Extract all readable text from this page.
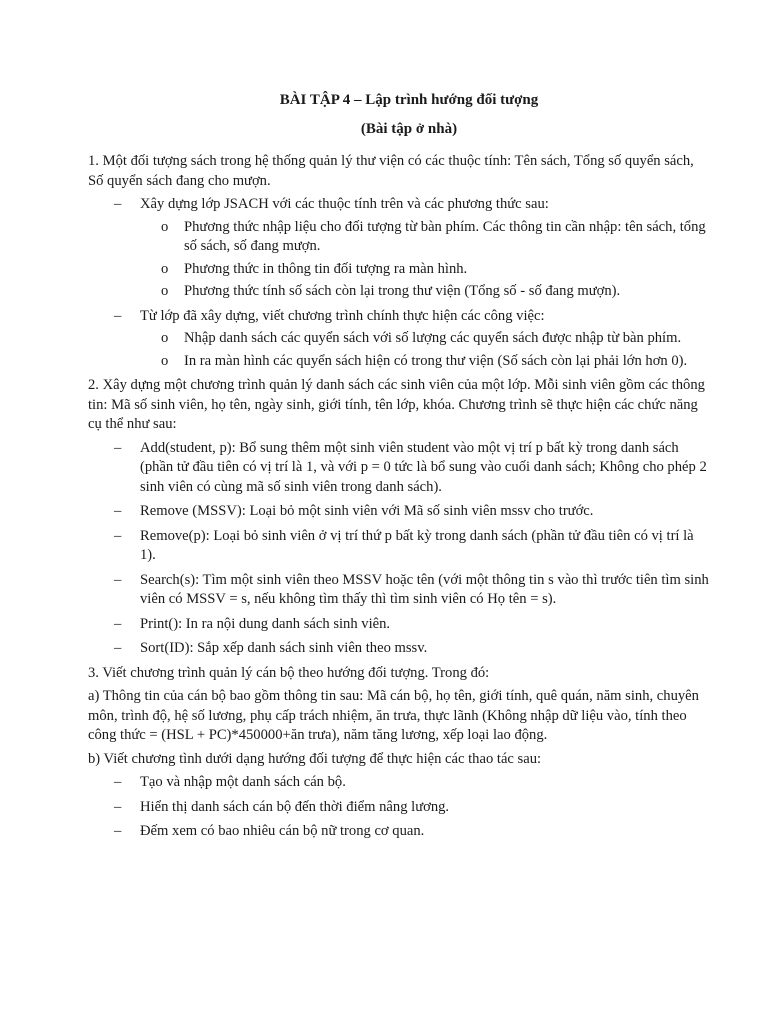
BÀI TẬP 4 – Lập trình hướng đối tượng

(Bài tập ở nhà)

1. Một đối tượng sách trong hệ thống quản lý thư viện có các thuộc tính: Tên sách, Tổng số quyển sách, Số quyển sách đang cho mượn.

– Xây dựng lớp JSACH với các thuộc tính trên và các phương thức sau:
o Phương thức nhập liệu cho đối tượng từ bàn phím. Các thông tin cần nhập: tên sách, tổng số sách, số đang mượn.
o Phương thức in thông tin đối tượng ra màn hình.
o Phương thức tính số sách còn lại trong thư viện (Tổng số - số đang mượn).
– Từ lớp đã xây dựng, viết chương trình chính thực hiện các công việc:
o Nhập danh sách các quyển sách với số lượng các quyển sách được nhập từ bàn phím.
o In ra màn hình các quyển sách hiện có trong thư viện (Số sách còn lại phải lớn hơn 0).

2. Xây dựng một chương trình quản lý danh sách các sinh viên của một lớp. Mỗi sinh viên gồm các thông tin: Mã số sinh viên, họ tên, ngày sinh, giới tính, tên lớp, khóa. Chương trình sẽ thực hiện các chức năng cụ thể như sau:

– Add(student, p): Bổ sung thêm một sinh viên student vào một vị trí p bất kỳ trong danh sách (phần tử đầu tiên có vị trí là 1, và với p = 0 tức là bổ sung vào cuối danh sách; Không cho phép 2 sinh viên có cùng mã số sinh viên trong danh sách).
– Remove (MSSV): Loại bỏ một sinh viên với Mã số sinh viên mssv cho trước.
– Remove(p): Loại bỏ sinh viên ở vị trí thứ p bất kỳ trong danh sách (phần tử đầu tiên có vị trí là 1).
– Search(s): Tìm một sinh viên theo MSSV hoặc tên (với một thông tin s vào thì trước tiên tìm sinh viên có MSSV = s, nếu không tìm thấy thì tìm sinh viên có Họ tên = s).
– Print(): In ra nội dung danh sách sinh viên.
– Sort(ID): Sắp xếp danh sách sinh viên theo mssv.

3. Viết chương trình quản lý cán bộ theo hướng đối tượng. Trong đó:

a) Thông tin của cán bộ bao gồm thông tin sau: Mã cán bộ, họ tên, giới tính, quê quán, năm sinh, chuyên môn, trình độ, hệ số lương, phụ cấp trách nhiệm, ăn trưa, thực lãnh (Không nhập dữ liệu vào, tính theo công thức = (HSL + PC)*450000+ăn trưa), năm tăng lương, xếp loại lao động.

b) Viết chương tình dưới dạng hướng đối tượng để thực hiện các thao tác sau:

– Tạo và nhập một danh sách cán bộ.
– Hiển thị danh sách cán bộ đến thời điểm nâng lương.
– Đếm xem có bao nhiêu cán bộ nữ trong cơ quan.
